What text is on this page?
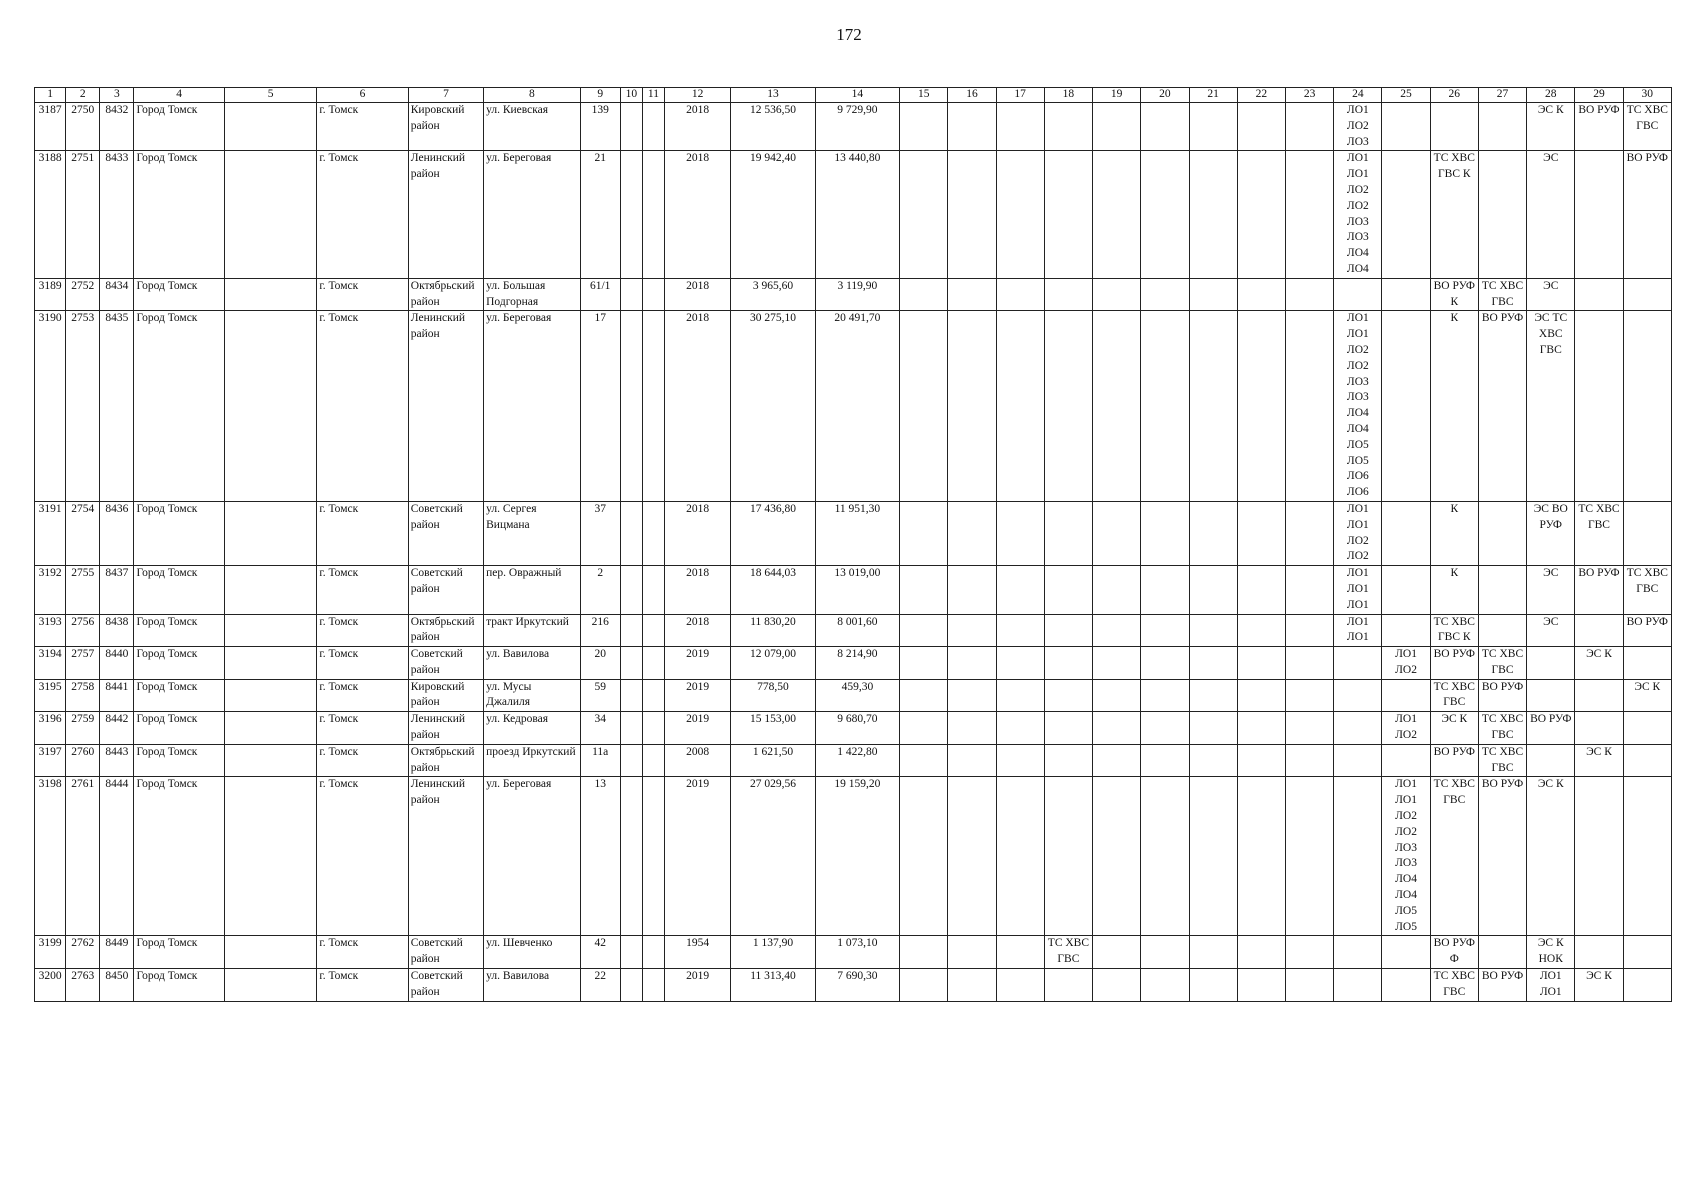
172
1	2	3	4	5	6	7	8	9	10	11	12	13	14	15	16	17	18	19	20	21	22	23	24	25	26	27	28	29	30
3187	2750	8432	Город Томск		г. Томск	Кировский район	ул. Киевская	139			2018	12 536,50	9 729,90										ЛО1 ЛО2 ЛО3				ЭС К	ВО РУФ	ТС ХВС ГВС
3188	2751	8433	Город Томск		г. Томск	Ленинский район	ул. Береговая	21			2018	19 942,40	13 440,80										ЛО1 ЛО1 ЛО2 ЛО2 ЛО3 ЛО3 ЛО4 ЛО4		ТС ХВС ГВС К		ЭС		ВО РУФ
3189	2752	8434	Город Томск		г. Томск	Октябрьский район	ул. Большая Подгорная	61/1			2018	3 965,60	3 119,90												ВО РУФ К	ТС ХВС ГВС	ЭС		
3190	2753	8435	Город Томск		г. Томск	Ленинский район	ул. Береговая	17			2018	30 275,10	20 491,70										ЛО1 ЛО1 ЛО2 ЛО2 ЛО3 ЛО3 ЛО4 ЛО4 ЛО5 ЛО5 ЛО6 ЛО6		К	ВО РУФ	ЭС ТС ХВС ГВС		
3191	2754	8436	Город Томск		г. Томск	Советский район	ул. Сергея Вицмана	37			2018	17 436,80	11 951,30										ЛО1 ЛО1 ЛО2 ЛО2		К		ЭС ВО РУФ	ТС ХВС ГВС	
3192	2755	8437	Город Томск		г. Томск	Советский район	пер. Овражный	2			2018	18 644,03	13 019,00										ЛО1 ЛО1 ЛО1		К		ЭС	ВО РУФ	ТС ХВС ГВС
3193	2756	8438	Город Томск		г. Томск	Октябрьский район	тракт Иркутский	216			2018	11 830,20	8 001,60										ЛО1 ЛО1		ТС ХВС ГВС К		ЭС		ВО РУФ
3194	2757	8440	Город Томск		г. Томск	Советский район	ул. Вавилова	20			2019	12 079,00	8 214,90											ЛО1 ЛО2	ВО РУФ	ТС ХВС ГВС		ЭС К	
3195	2758	8441	Город Томск		г. Томск	Кировский район	ул. Мусы Джалиля	59			2019	778,50	459,30												ТС ХВС ГВС	ВО РУФ			ЭС К
3196	2759	8442	Город Томск		г. Томск	Ленинский район	ул. Кедровая	34			2019	15 153,00	9 680,70											ЛО1 ЛО2	ЭС К	ТС ХВС ГВС	ВО РУФ		
3197	2760	8443	Город Томск		г. Томск	Октябрьский район	проезд Иркутский	11а			2008	1 621,50	1 422,80												ВО РУФ	ТС ХВС ГВС		ЭС К	
3198	2761	8444	Город Томск		г. Томск	Ленинский район	ул. Береговая	13			2019	27 029,56	19 159,20											ЛО1 ЛО1 ЛО2 ЛО2 ЛО3 ЛО3 ЛО4 ЛО4 ЛО5 ЛО5	ТС ХВС ГВС	ВО РУФ	ЭС К		
3199	2762	8449	Город Томск		г. Томск	Советский район	ул. Шевченко	42			1954	1 137,90	1 073,10				ТС ХВС ГВС								ВО РУФ Ф		ЭС К НОК		
3200	2763	8450	Город Томск		г. Томск	Советский район	ул. Вавилова	22			2019	11 313,40	7 690,30												ТС ХВС ГВС	ВО РУФ	ЛО1 ЛО1	ЭС К	
